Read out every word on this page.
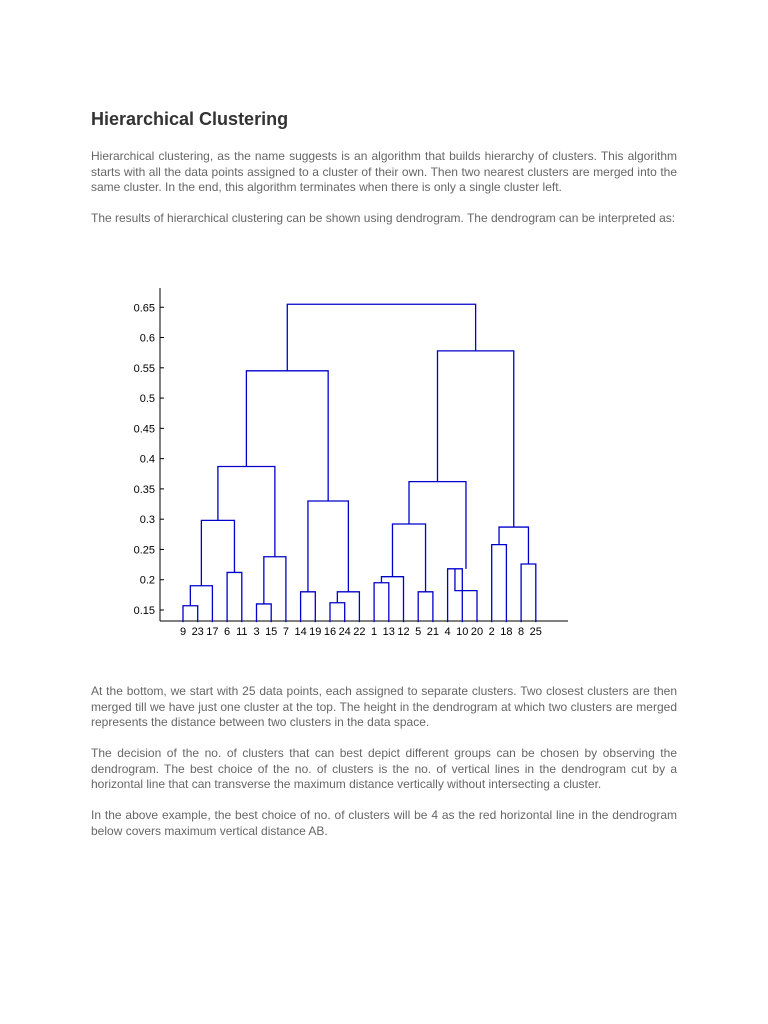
Hierarchical Clustering

Hierarchical clustering, as the name suggests is an algorithm that builds hierarchy of clusters. This algorithm starts with all the data points assigned to a cluster of their own. Then two nearest clusters are merged into the same cluster. In the end, this algorithm terminates when there is only a single cluster left.

The results of hierarchical clustering can be shown using dendrogram. The dendrogram can be interpreted as:

0.15
0.2
0.25
0.3
0.35
0.4
0.45
0.5
0.55
0.6
0.65
9 23 17 6 11 3 15 7 14 19 16 24 22 1 13 12 5 21 4 10 20 2 18 8 25

At the bottom, we start with 25 data points, each assigned to separate clusters. Two closest clusters are then merged till we have just one cluster at the top. The height in the dendrogram at which two clusters are merged represents the distance between two clusters in the data space.

The decision of the no. of clusters that can best depict different groups can be chosen by observing the dendrogram. The best choice of the no. of clusters is the no. of vertical lines in the dendrogram cut by a horizontal line that can transverse the maximum distance vertically without intersecting a cluster.

In the above example, the best choice of no. of clusters will be 4 as the red horizontal line in the dendrogram below covers maximum vertical distance AB.
